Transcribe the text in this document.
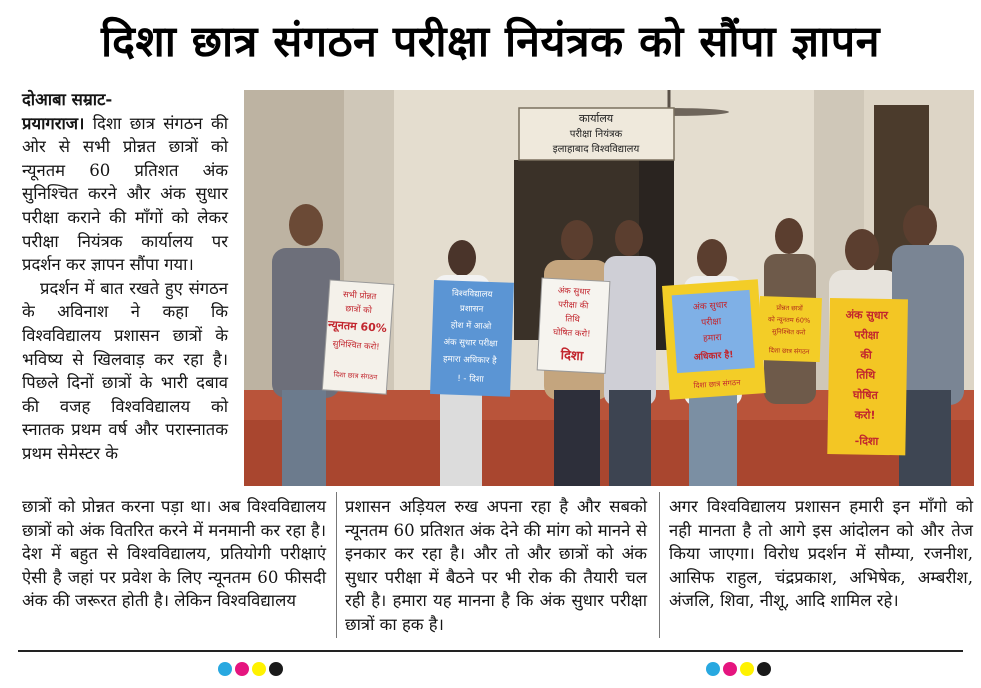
दिशा छात्र संगठन परीक्षा नियंत्रक को सौंपा ज्ञापन

दोआबा सम्राट-
प्रयागराज। दिशा छात्र संगठन की ओर से सभी प्रोन्नत छात्रों को न्यूनतम 60 प्रतिशत अंक सुनिश्चित करने और अंक सुधार परीक्षा कराने की माँगों को लेकर परीक्षा नियंत्रक कार्यालय पर प्रदर्शन कर ज्ञापन सौंपा गया।

प्रदर्शन में बात रखते हुए संगठन के अविनाश ने कहा कि विश्वविद्यालय प्रशासन छात्रों के भविष्य से खिलवाड़ कर रहा है। पिछले दिनों छात्रों के भारी दबाव की वजह विश्वविद्यालय को स्नातक प्रथम वर्ष और परास्नातक प्रथम सेमेस्टर के

कार्यालय
परीक्षा नियंत्रक
इलाहाबाद विश्वविद्यालय
सभी प्रोन्नत छात्रों को न्यूनतम 60% सुनिश्चित करो! दिशा छात्र संगठन
विश्वविद्यालय प्रशासन होश में आओ अंक सुधार परीक्षा हमारा अधिकार है ! - दिशा
अंक सुधार परीक्षा की तिथि घोषित करो! दिशा
अंक सुधार परीक्षा हमारा अधिकार है! दिशा छात्र संगठन
प्रोन्नत छात्रों को न्यूनतम 60% सुनिश्चित करो दिशा छात्र संगठन
अंक सुधार परीक्षा की तिथि घोषित करो! -दिशा

छात्रों को प्रोन्नत करना पड़ा था। अब विश्वविद्यालय छात्रों को अंक वितरित करने में मनमानी कर रहा है। देश में बहुत से विश्वविद्यालय, प्रतियोगी परीक्षाएं ऐसी है जहां पर प्रवेश के लिए न्यूनतम 60 फीसदी अंक की जरूरत होती है। लेकिन विश्वविद्यालय

प्रशासन अड़ियल रुख अपना रहा है और सबको न्यूनतम 60 प्रतिशत अंक देने की मांग को मानने से इनकार कर रहा है। और तो और छात्रों को अंक सुधार परीक्षा में बैठने पर भी रोक की तैयारी चल रही है। हमारा यह मानना है कि अंक सुधार परीक्षा छात्रों का हक है।

अगर विश्वविद्यालय प्रशासन हमारी इन माँगो को नही मानता है तो आगे इस आंदोलन को और तेज किया जाएगा। विरोध प्रदर्शन में सौम्या, रजनीश, आसिफ राहुल, चंद्रप्रकाश, अभिषेक, अम्बरीश, अंजलि, शिवा, नीशू, आदि शामिल रहे।
